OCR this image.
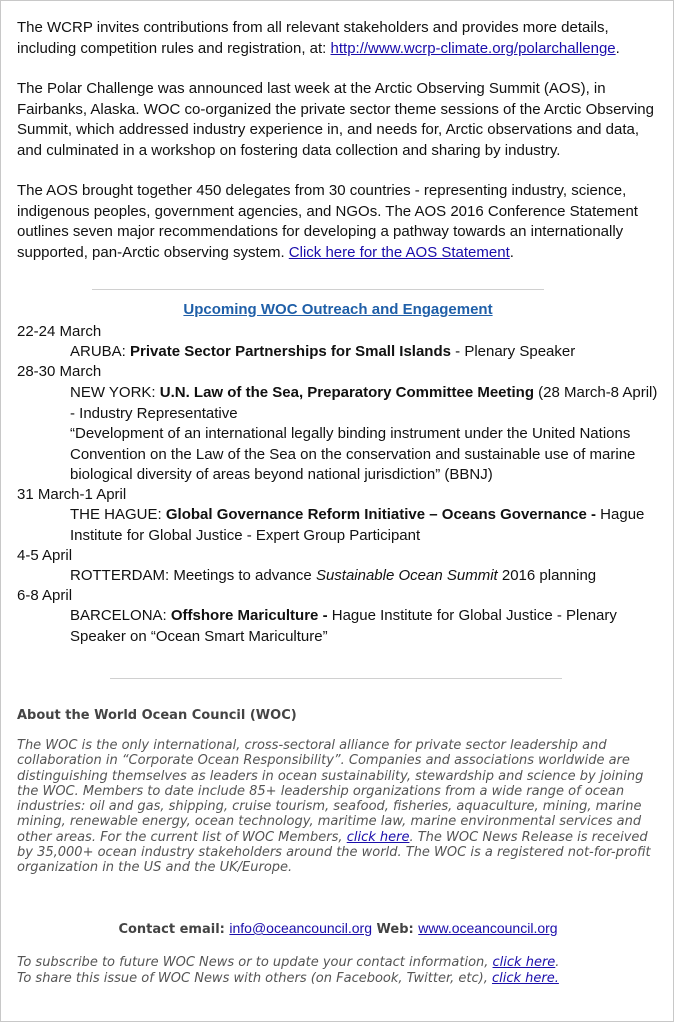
The WCRP invites contributions from all relevant stakeholders and provides more details, including competition rules and registration, at: http://www.wcrp-climate.org/polarchallenge.
The Polar Challenge was announced last week at the Arctic Observing Summit (AOS), in Fairbanks, Alaska. WOC co-organized the private sector theme sessions of the Arctic Observing Summit, which addressed industry experience in, and needs for, Arctic observations and data, and culminated in a workshop on fostering data collection and sharing by industry.
The AOS brought together 450 delegates from 30 countries - representing industry, science, indigenous peoples, government agencies, and NGOs. The AOS 2016 Conference Statement outlines seven major recommendations for developing a pathway towards an internationally supported, pan-Arctic observing system. Click here for the AOS Statement.
Upcoming WOC Outreach and Engagement
22-24 March
ARUBA: Private Sector Partnerships for Small Islands - Plenary Speaker
28-30 March
NEW YORK: U.N. Law of the Sea, Preparatory Committee Meeting (28 March-8 April) - Industry Representative
“Development of an international legally binding instrument under the United Nations Convention on the Law of the Sea on the conservation and sustainable use of marine biological diversity of areas beyond national jurisdiction” (BBNJ)
31 March-1 April
THE HAGUE: Global Governance Reform Initiative – Oceans Governance - Hague Institute for Global Justice - Expert Group Participant
4-5 April
ROTTERDAM: Meetings to advance Sustainable Ocean Summit 2016 planning
6-8 April
BARCELONA: Offshore Mariculture - Hague Institute for Global Justice - Plenary Speaker on “Ocean Smart Mariculture”
About the World Ocean Council (WOC)
The WOC is the only international, cross-sectoral alliance for private sector leadership and collaboration in “Corporate Ocean Responsibility”. Companies and associations worldwide are distinguishing themselves as leaders in ocean sustainability, stewardship and science by joining the WOC. Members to date include 85+ leadership organizations from a wide range of ocean industries: oil and gas, shipping, cruise tourism, seafood, fisheries, aquaculture, mining, marine mining, renewable energy, ocean technology, maritime law, marine environmental services and other areas. For the current list of WOC Members, click here. The WOC News Release is received by 35,000+ ocean industry stakeholders around the world. The WOC is a registered not-for-profit organization in the US and the UK/Europe.
Contact email: info@oceancouncil.org Web: www.oceancouncil.org
To subscribe to future WOC News or to update your contact information, click here.
To share this issue of WOC News with others (on Facebook, Twitter, etc), click here.
